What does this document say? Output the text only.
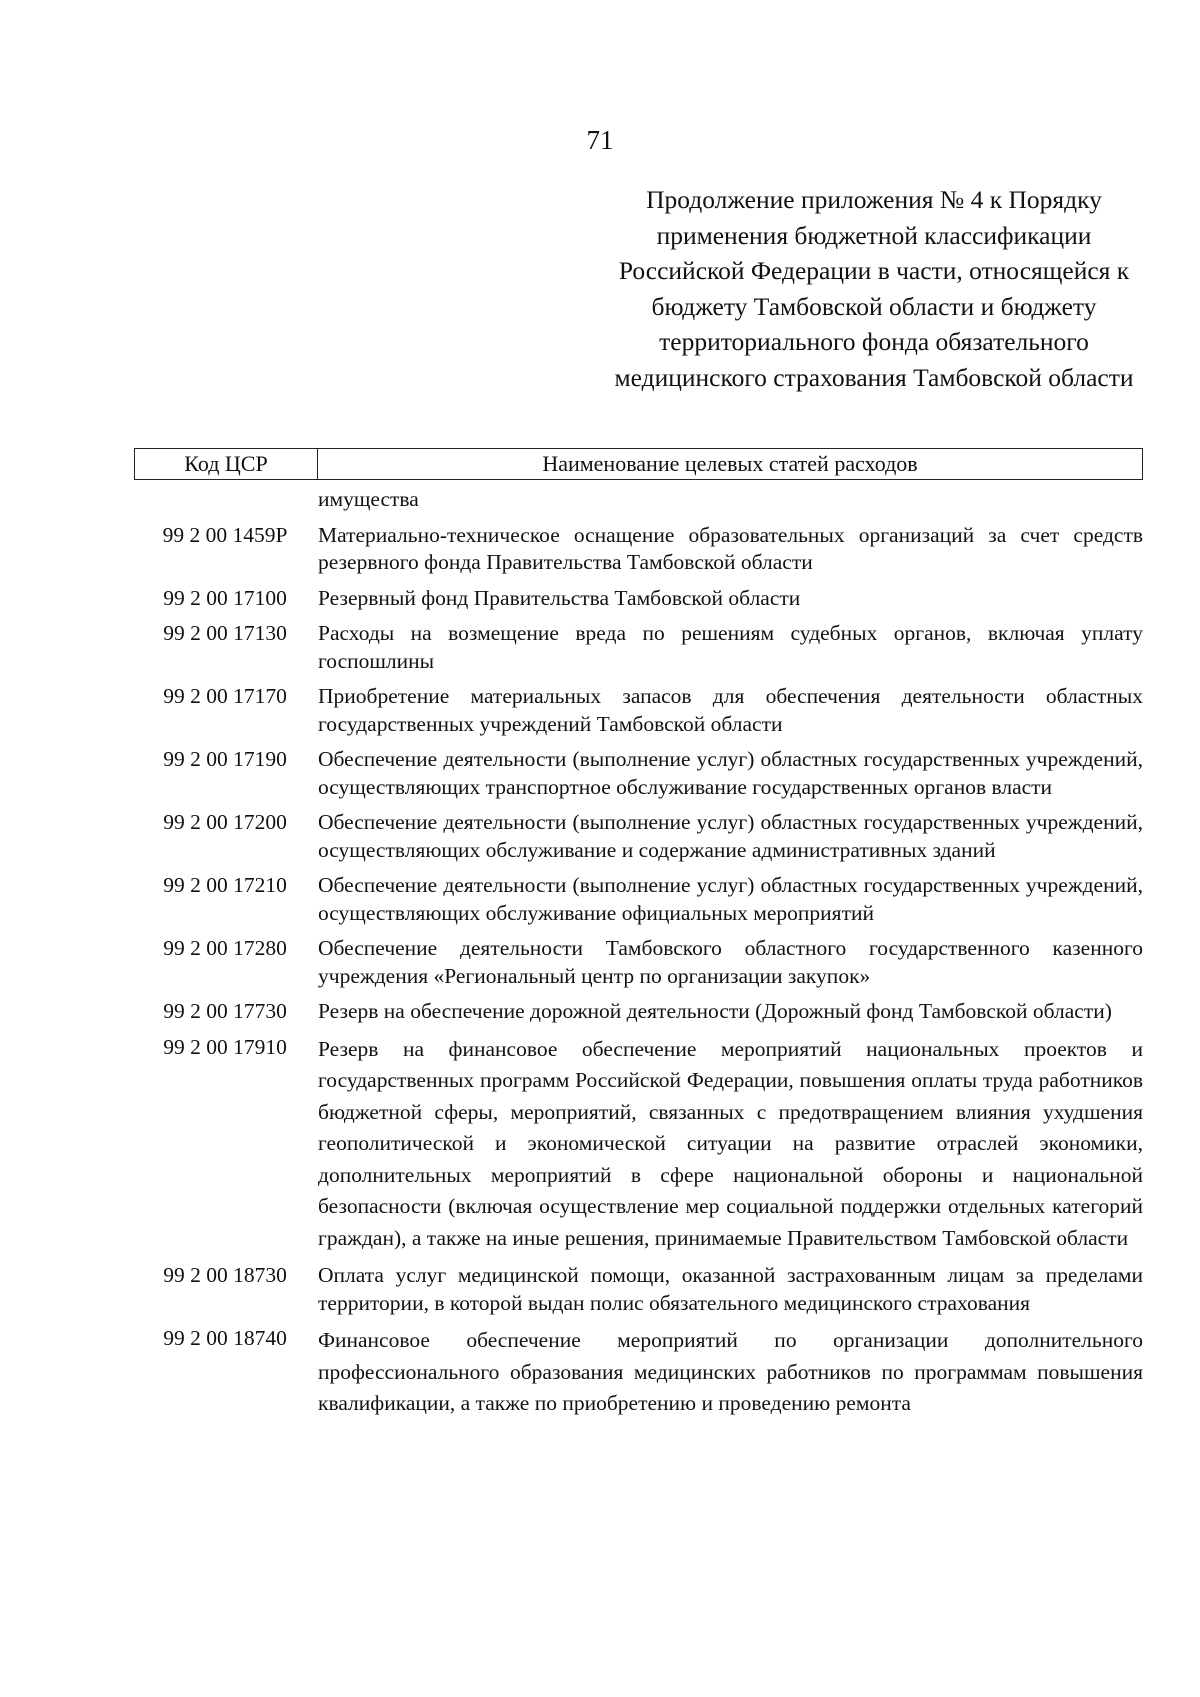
71
Продолжение приложения № 4 к Порядку применения бюджетной классификации Российской Федерации в части, относящейся к бюджету Тамбовской области и бюджету территориального фонда обязательного медицинского страхования Тамбовской области
Код ЦСР	Наименование целевых статей расходов
имущества
99 2 00 1459Р	Материально-техническое оснащение образовательных организаций за счет средств резервного фонда Правительства Тамбовской области
99 2 00 17100	Резервный фонд Правительства Тамбовской области
99 2 00 17130	Расходы на возмещение вреда по решениям судебных органов, включая уплату госпошлины
99 2 00 17170	Приобретение материальных запасов для обеспечения деятельности областных государственных учреждений Тамбовской области
99 2 00 17190	Обеспечение деятельности (выполнение услуг) областных государственных учреждений, осуществляющих транспортное обслуживание государственных органов власти
99 2 00 17200	Обеспечение деятельности (выполнение услуг) областных государственных учреждений, осуществляющих обслуживание и содержание административных зданий
99 2 00 17210	Обеспечение деятельности (выполнение услуг) областных государственных учреждений, осуществляющих обслуживание официальных мероприятий
99 2 00 17280	Обеспечение деятельности Тамбовского областного государственного казенного учреждения «Региональный центр по организации закупок»
99 2 00 17730	Резерв на обеспечение дорожной деятельности (Дорожный фонд Тамбовской области)
99 2 00 17910	Резерв на финансовое обеспечение мероприятий национальных проектов и государственных программ Российской Федерации, повышения оплаты труда работников бюджетной сферы, мероприятий, связанных с предотвращением влияния ухудшения геополитической и экономической ситуации на развитие отраслей экономики, дополнительных мероприятий в сфере национальной обороны и национальной безопасности (включая осуществление мер социальной поддержки отдельных категорий граждан), а также на иные решения, принимаемые Правительством Тамбовской области
99 2 00 18730	Оплата услуг медицинской помощи, оказанной застрахованным лицам за пределами территории, в которой выдан полис обязательного медицинского страхования
99 2 00 18740	Финансовое обеспечение мероприятий по организации дополнительного профессионального образования медицинских работников по программам повышения квалификации, а также по приобретению и проведению ремонта
